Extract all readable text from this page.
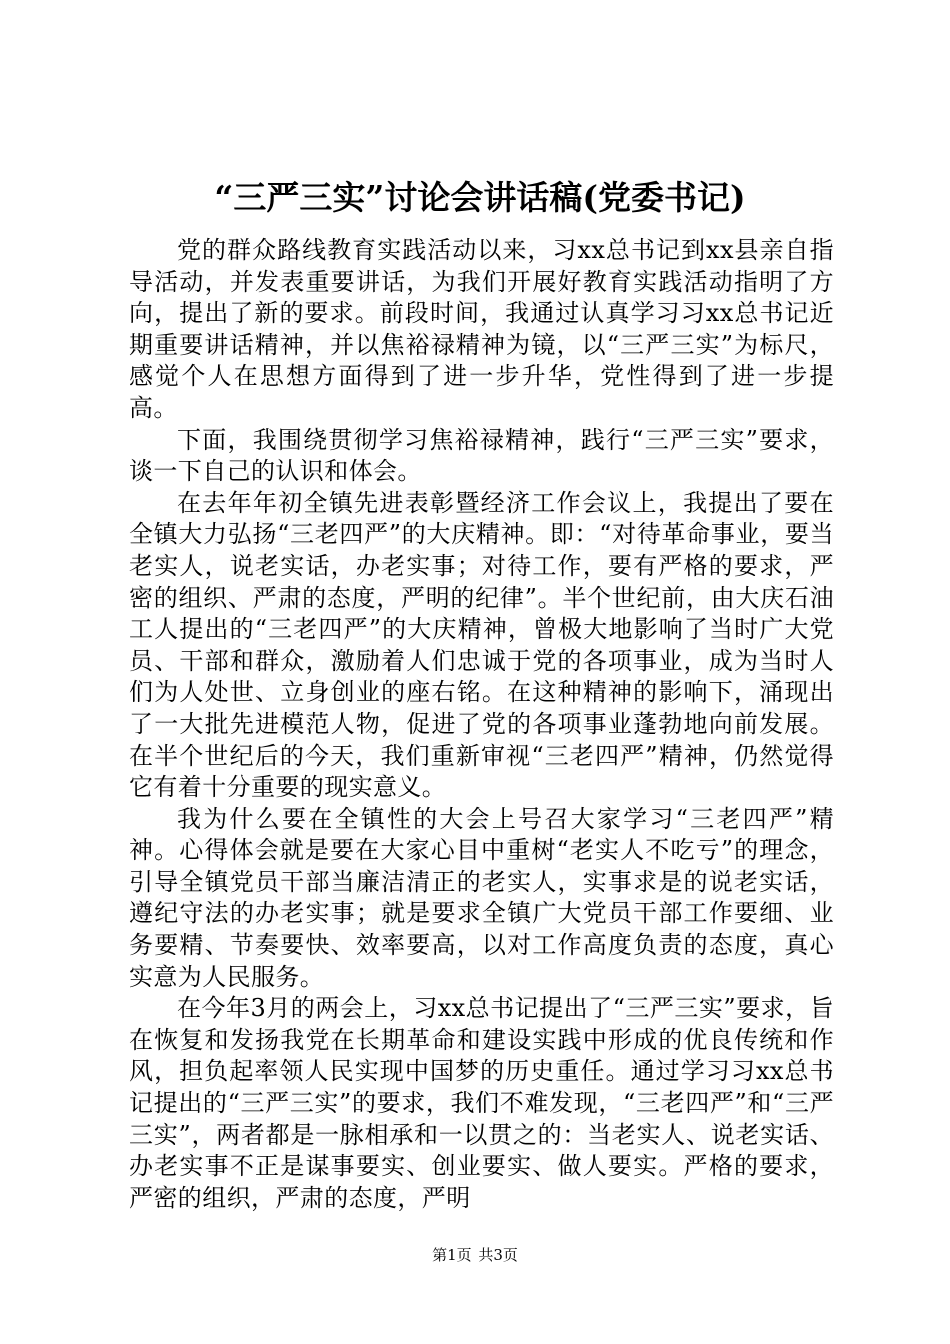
“三严三实”讨论会讲话稿(党委书记)

党的群众路线教育实践活动以来，习xx总书记到xx县亲自指导活动，并发表重要讲话，为我们开展好教育实践活动指明了方向，提出了新的要求。前段时间，我通过认真学习习xx总书记近期重要讲话精神，并以焦裕禄精神为镜，以“三严三实”为标尺，感觉个人在思想方面得到了进一步升华，党性得到了进一步提高。

下面，我围绕贯彻学习焦裕禄精神，践行“三严三实”要求，谈一下自己的认识和体会。

在去年年初全镇先进表彰暨经济工作会议上，我提出了要在全镇大力弘扬“三老四严”的大庆精神。即：“对待革命事业，要当老实人，说老实话，办老实事；对待工作，要有严格的要求，严密的组织、严肃的态度，严明的纪律”。半个世纪前，由大庆石油工人提出的“三老四严”的大庆精神，曾极大地影响了当时广大党员、干部和群众，激励着人们忠诚于党的各项事业，成为当时人们为人处世、立身创业的座右铭。在这种精神的影响下，涌现出了一大批先进模范人物，促进了党的各项事业蓬勃地向前发展。在半个世纪后的今天，我们重新审视“三老四严”精神，仍然觉得它有着十分重要的现实意义。

我为什么要在全镇性的大会上号召大家学习“三老四严”精神。心得体会就是要在大家心目中重树“老实人不吃亏”的理念，引导全镇党员干部当廉洁清正的老实人，实事求是的说老实话，遵纪守法的办老实事；就是要求全镇广大党员干部工作要细、业务要精、节奏要快、效率要高，以对工作高度负责的态度，真心实意为人民服务。

在今年3月的两会上，习xx总书记提出了“三严三实”要求，旨在恢复和发扬我党在长期革命和建设实践中形成的优良传统和作风，担负起率领人民实现中国梦的历史重任。通过学习习xx总书记提出的“三严三实”的要求，我们不难发现，“三老四严”和“三严三实”，两者都是一脉相承和一以贯之的：当老实人、说老实话、办老实事不正是谋事要实、创业要实、做人要实。严格的要求，严密的组织，严肃的态度，严明

第1页 共3页
